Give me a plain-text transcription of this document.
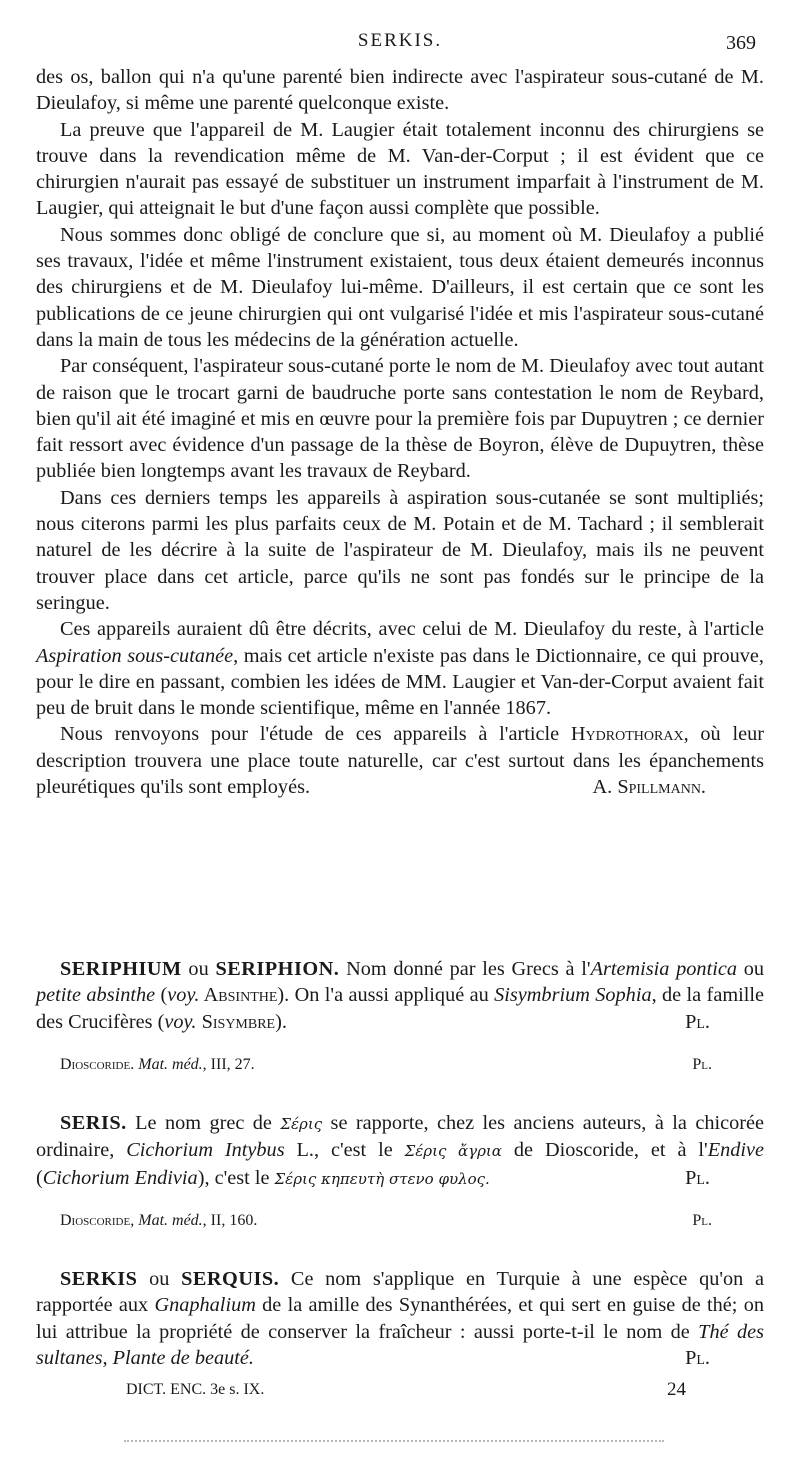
SERKIS.	369

des os, ballon qui n'a qu'une parenté bien indirecte avec l'aspirateur sous-cutané de M. Dieulafoy, si même une parenté quelconque existe.

La preuve que l'appareil de M. Laugier était totalement inconnu des chirurgiens se trouve dans la revendication même de M. Van-der-Corput ; il est évident que ce chirurgien n'aurait pas essayé de substituer un instrument imparfait à l'instrument de M. Laugier, qui atteignait le but d'une façon aussi complète que possible.

Nous sommes donc obligé de conclure que si, au moment où M. Dieulafoy a publié ses travaux, l'idée et même l'instrument existaient, tous deux étaient demeurés inconnus des chirurgiens et de M. Dieulafoy lui-même. D'ailleurs, il est certain que ce sont les publications de ce jeune chirurgien qui ont vulgarisé l'idée et mis l'aspirateur sous-cutané dans la main de tous les médecins de la génération actuelle.

Par conséquent, l'aspirateur sous-cutané porte le nom de M. Dieulafoy avec tout autant de raison que le trocart garni de baudruche porte sans contestation le nom de Reybard, bien qu'il ait été imaginé et mis en œuvre pour la première fois par Dupuytren ; ce dernier fait ressort avec évidence d'un passage de la thèse de Boyron, élève de Dupuytren, thèse publiée bien longtemps avant les travaux de Reybard.

Dans ces derniers temps les appareils à aspiration sous-cutanée se sont multipliés; nous citerons parmi les plus parfaits ceux de M. Potain et de M. Tachard ; il semblerait naturel de les décrire à la suite de l'aspirateur de M. Dieulafoy, mais ils ne peuvent trouver place dans cet article, parce qu'ils ne sont pas fondés sur le principe de la seringue.

Ces appareils auraient dû être décrits, avec celui de M. Dieulafoy du reste, à l'article Aspiration sous-cutanée, mais cet article n'existe pas dans le Dictionnaire, ce qui prouve, pour le dire en passant, combien les idées de MM. Laugier et Van-der-Corput avaient fait peu de bruit dans le monde scientifique, même en l'année 1867.

Nous renvoyons pour l'étude de ces appareils à l'article Hydrothorax, où leur description trouvera une place toute naturelle, car c'est surtout dans les épanchements pleurétiques qu'ils sont employés.	A. Spillmann.

SERIPHIUM ou SERIPHION. Nom donné par les Grecs à l'Artemisia pontica ou petite absinthe (voy. Absinthe). On l'a aussi appliqué au Sisymbrium Sophia, de la famille des Crucifères (voy. Sisymbre).	Pl.

Dioscoride. Mat. méd., III, 27.	Pl.

SERIS. Le nom grec de Σέρις se rapporte, chez les anciens auteurs, à la chicorée ordinaire, Cichorium Intybus L., c'est le Σέρις ἄγρια de Dioscoride, et à l'Endive (Cichorium Endivia), c'est le Σέρις κηπευτὴ στενο φυλος.	Pl.

Dioscoride, Mat. méd., II, 160.	Pl.

SERKIS ou SERQUIS. Ce nom s'applique en Turquie à une espèce qu'on a rapportée aux Gnaphalium de la amille des Synanthérées, et qui sert en guise de thé; on lui attribue la propriété de conserver la fraîcheur : aussi porte-t-il le nom de Thé des sultanes, Plante de beauté.	Pl.

DICT. ENC. 3e s. IX.	24
